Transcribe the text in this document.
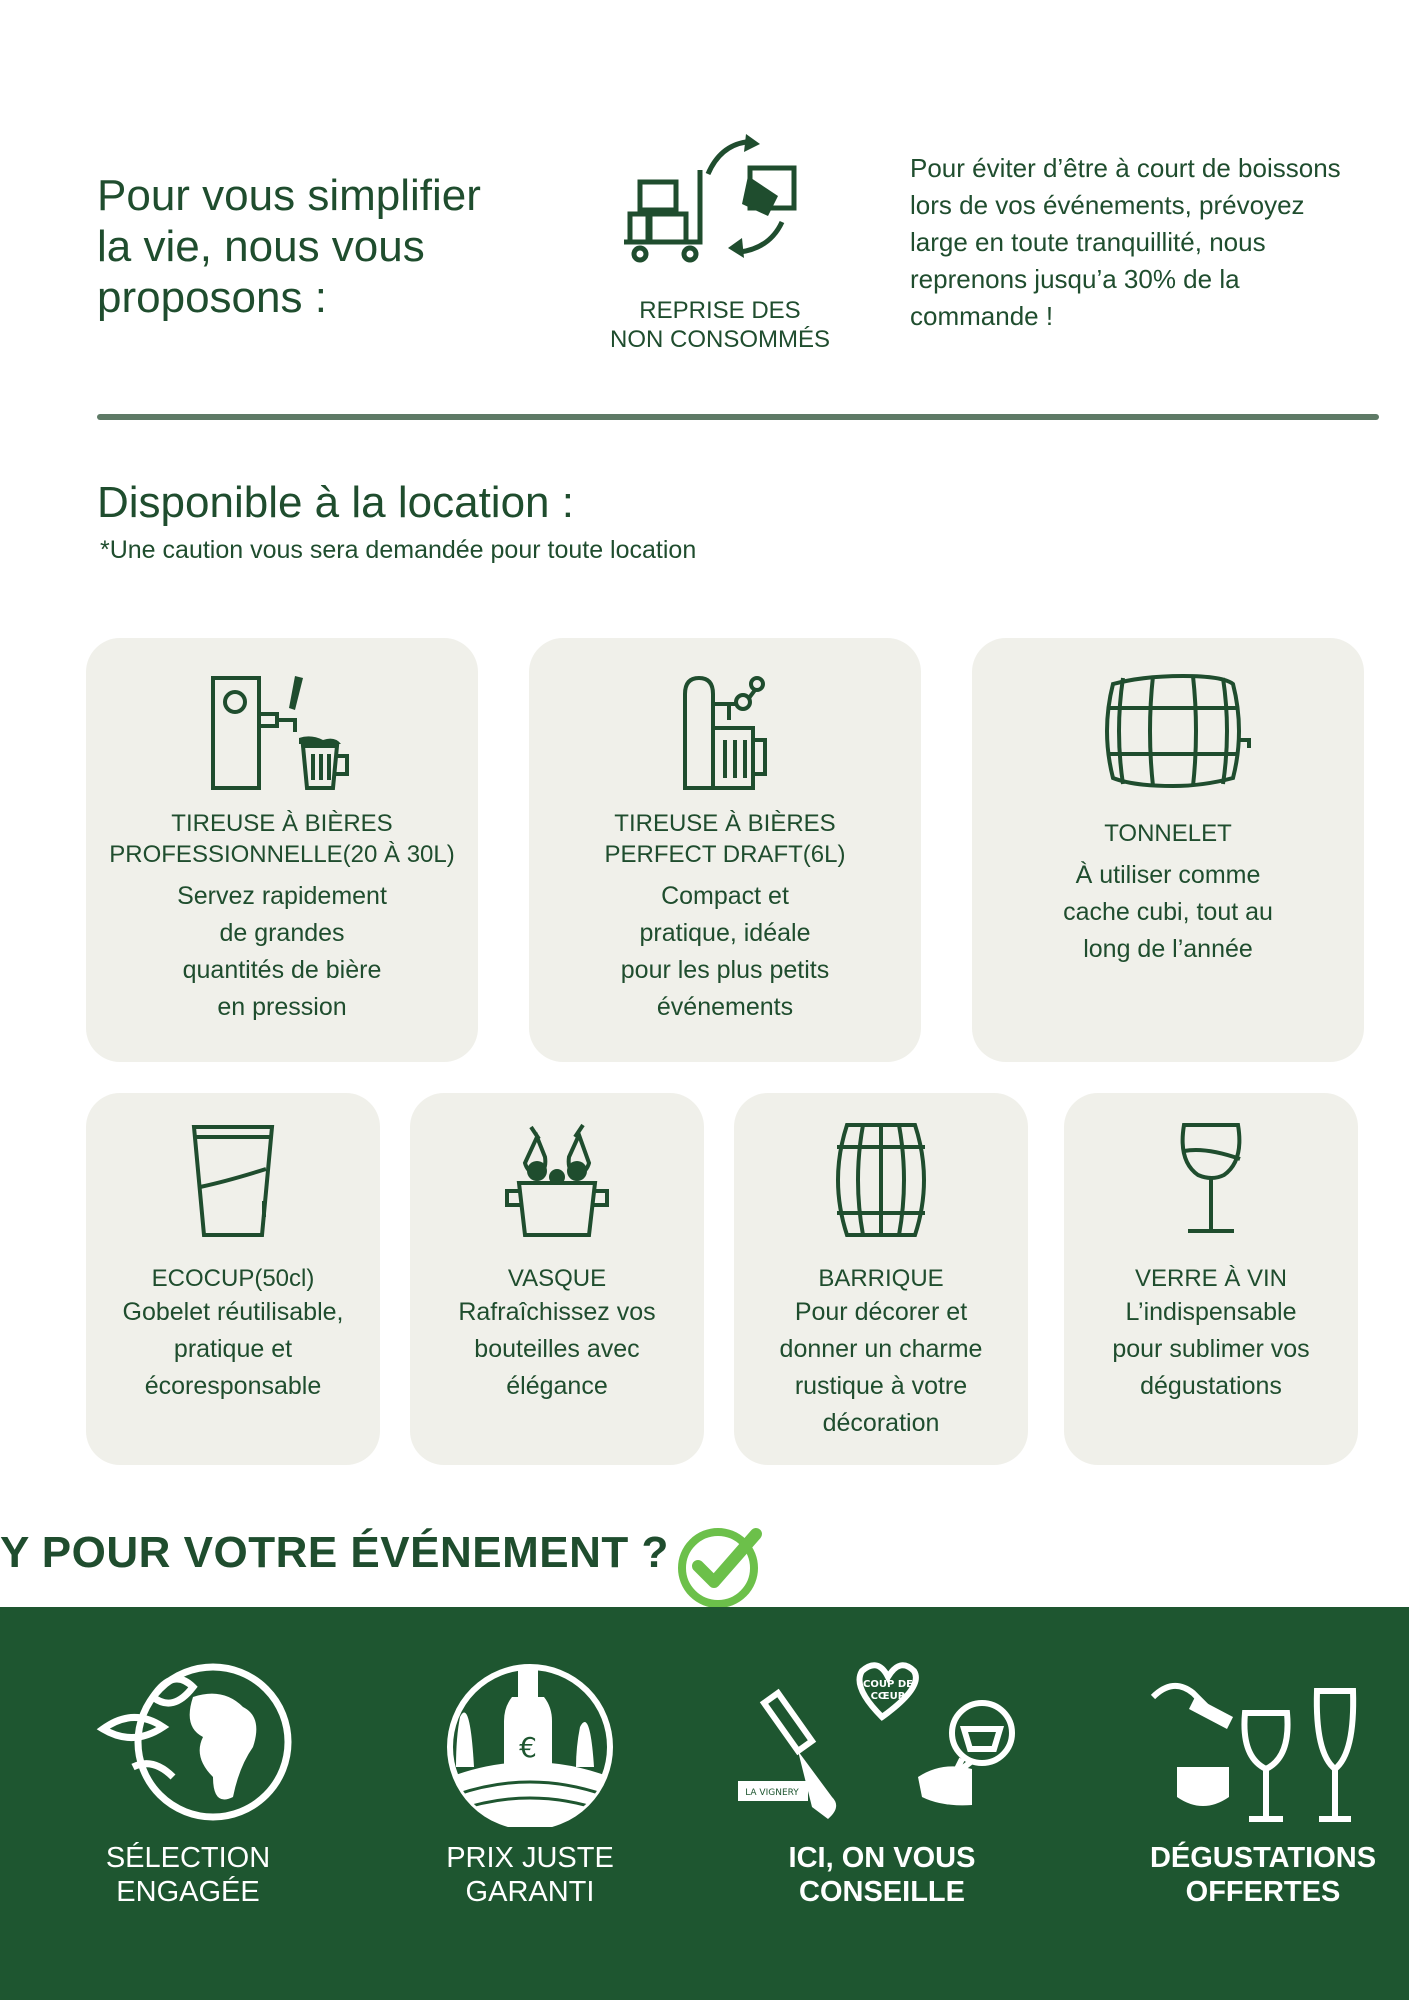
Pour vous simplifier
la vie, nous vous
proposons :	REPRISE DES
NON CONSOMMÉS
Pour éviter d’être à court de boissons lors de vos événements, prévoyez large en toute tranquillité, nous reprenons jusqu’a 30% de la commande !
Disponible à la location :
*Une caution vous sera demandée pour toute location
TIREUSE À BIÈRES
PROFESSIONNELLE(20 À 30L)
Servez rapidement
de grandes
quantités de bière
en pression
TIREUSE À BIÈRES
PERFECT DRAFT(6L)
Compact et
pratique, idéale
pour les plus petits
événements
TONNELET
À utiliser comme
cache cubi, tout au
long de l’année
ECOCUP(50cl)
Gobelet réutilisable,
pratique et
écoresponsable
VASQUE
Rafraîchissez vos
bouteilles avec
élégance
BARRIQUE
Pour décorer et
donner un charme
rustique à votre
décoration
VERRE À VIN
L’indispensable
pour sublimer vos
dégustations
Y POUR VOTRE ÉVÉNEMENT ?
SÉLECTION
ENGAGÉE
€
PRIX JUSTE
GARANTI
COUP DE
CŒUR
LA VIGNERY
ICI, ON VOUS
CONSEILLE
DÉGUSTATIONS
OFFERTES
